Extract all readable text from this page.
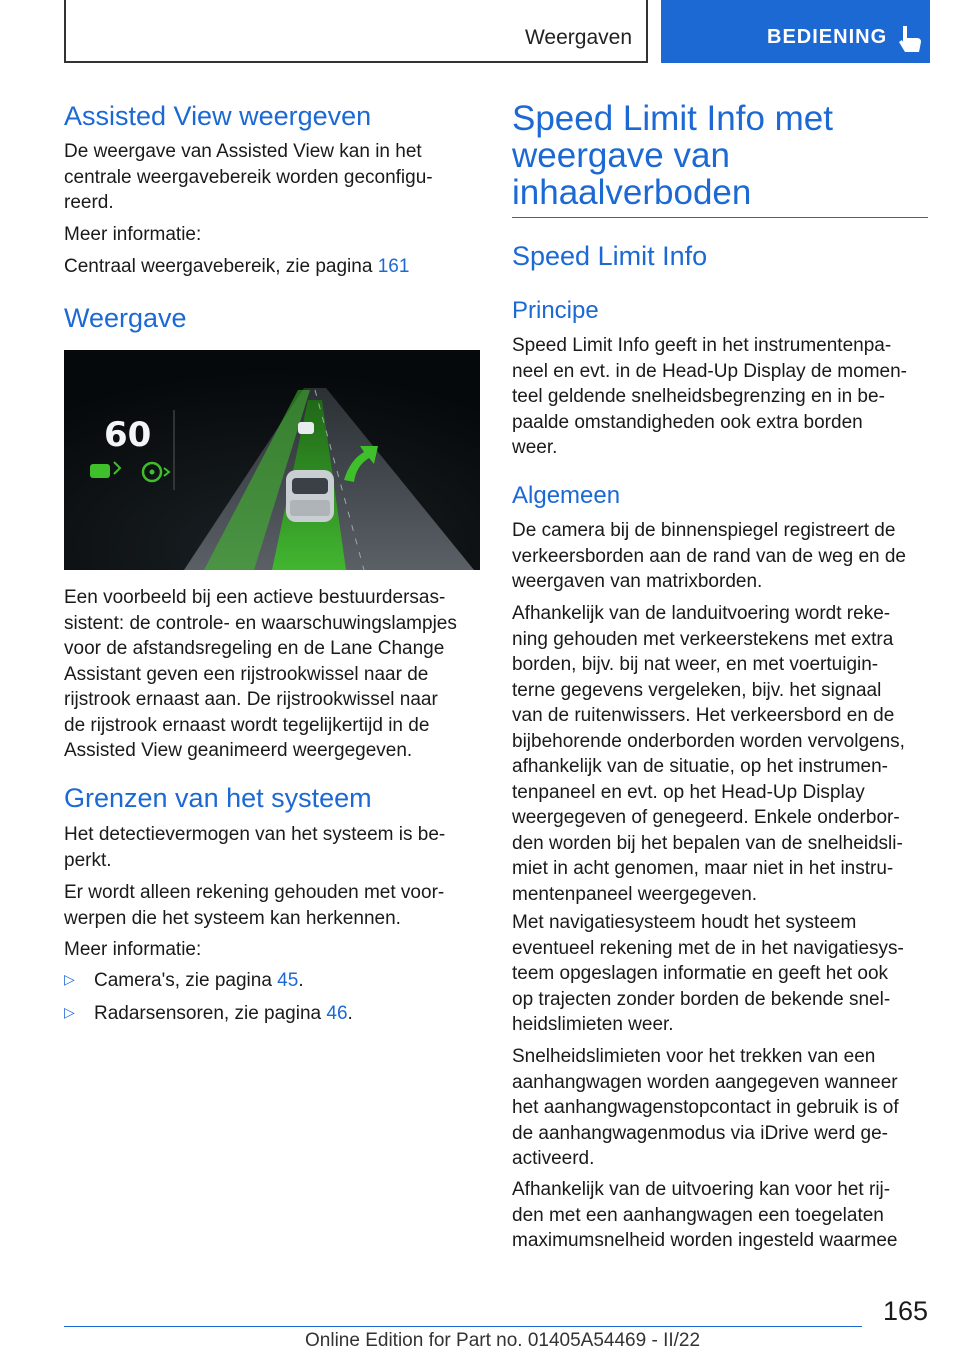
Weergaven	BEDIENING
Assisted View weergeven

De weergave van Assisted View kan in het

centrale weergavebereik worden geconfigu‐

reerd.

Meer informatie:

Centraal weergavebereik, zie pagina 161

Weergave
60

Een voorbeeld bij een actieve bestuurdersas‐

sistent: de controle- en waarschuwingslampjes

voor de afstandsregeling en de Lane Change

Assistant geven een rijstrookwissel naar de

rijstrook ernaast aan. De rijstrookwissel naar

de rijstrook ernaast wordt tegelijkertijd in de

Assisted View geanimeerd weergegeven.

Grenzen van het systeem

Het detectievermogen van het systeem is be‐

perkt.

Er wordt alleen rekening gehouden met voor‐

werpen die het systeem kan herkennen.

Meer informatie:

▷	Camera's, zie pagina 45.

▷	Radarsensoren, zie pagina 46.

Speed Limit Info met
weergave van
inhaalverboden
Speed Limit Info
Principe

Speed Limit Info geeft in het instrumentenpa‐

neel en evt. in de Head-Up Display de momen‐

teel geldende snelheidsbegrenzing en in be‐

paalde omstandigheden ook extra borden

weer.

Algemeen

De camera bij de binnenspiegel registreert de

verkeersborden aan de rand van de weg en de

weergaven van matrixborden.

Afhankelijk van de landuitvoering wordt reke‐

ning gehouden met verkeerstekens met extra

borden, bijv. bij nat weer, en met voertuigin‐

terne gegevens vergeleken, bijv. het signaal

van de ruitenwissers. Het verkeersbord en de

bijbehorende onderborden worden vervolgens,

afhankelijk van de situatie, op het instrumen‐

tenpaneel en evt. op het Head-Up Display

weergegeven of genegeerd. Enkele onderbor‐

den worden bij het bepalen van de snelheidsli‐

miet in acht genomen, maar niet in het instru‐

mentenpaneel weergegeven.

Met navigatiesysteem houdt het systeem

eventueel rekening met de in het navigatiesys‐

teem opgeslagen informatie en geeft het ook

op trajecten zonder borden de bekende snel‐

heidslimieten weer.

Snelheidslimieten voor het trekken van een

aanhangwagen worden aangegeven wanneer

het aanhangwagenstopcontact in gebruik is of

de aanhangwagenmodus via iDrive werd ge‐

activeerd.

Afhankelijk van de uitvoering kan voor het rij‐

den met een aanhangwagen een toegelaten

maximumsnelheid worden ingesteld waarmee

165
Online Edition for Part no. 01405A54469 - II/22
